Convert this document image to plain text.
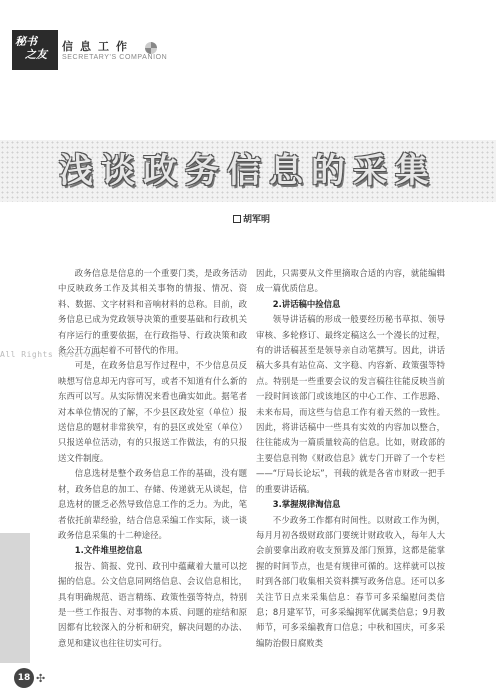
秘书
之友
信息工作
SECRETARY'S COMPANION
浅谈政务信息的采集
胡军明
All Rights Reserved.

政务信息是信息的一个重要门类，是政务活动中反映政务工作及其相关事物的情报、情况、资料、数据、文字材料和音响材料的总称。目前，政务信息已成为党政领导决策的重要基础和行政机关有序运行的重要依据，在行政指导、行政决策和政务公开方面起着不可替代的作用。

可是，在政务信息写作过程中，不少信息员反映想写信息却无内容可写，或者不知道有什么新的东西可以写。从实际情况来看也确实如此。据笔者对本单位情况的了解，不少县区政处室（单位）报送信息的题材非常狭窄，有的县区或处室（单位）只报送单位活动，有的只报送工作做法，有的只报送文件制度。

信息选材是整个政务信息工作的基础，没有题材，政务信息的加工、存储、传递就无从谈起，信息选材的匮乏必然导致信息工作的乏力。为此，笔者依托前辈经验，结合信息采编工作实际，谈一谈政务信息采集的十二种途径。

1.文件堆里挖信息

报告、简报、党刊、政刊中蕴藏着大量可以挖掘的信息。公文信息同网络信息、会议信息相比，具有明确规范、语言精练、政策性强等特点，特别是一些工作报告、对事物的本质、问题的症结和原因都有比较深入的分析和研究，解决问题的办法、意见和建议也往往切实可行。

因此，只需要从文件里摘取合适的内容，就能编辑成一篇优质信息。

2.讲话稿中捡信息

领导讲话稿的形成一般要经历秘书草拟、领导审核、多轮修订、最终定稿这么一个漫长的过程，有的讲话稿甚至是领导亲自动笔撰写。因此，讲话稿大多具有站位高、文字稳、内容新、政策强等特点。特别是一些重要会议的发言稿往往能反映当前一段时间该部门或该地区的中心工作、工作思路、未来布局，而这些与信息工作有着天然的一致性。因此，将讲话稿中一些具有实效的内容加以整合，往往能成为一篇质量较高的信息。比如，财政部的主要信息刊物《财政信息》就专门开辟了一个专栏——“厅局长论坛”，刊载的就是各省市财政一把手的重要讲话稿。

3.掌握规律淘信息

不少政务工作都有时间性。以财政工作为例，每月月初各级财政部门要统计财政收入，每年人大会前要拿出政府收支预算及部门预算，这都是能掌握的时间节点，也是有规律可循的。这样就可以按时到各部门收集相关资料撰写政务信息。还可以多关注节日点来采集信息：春节可多采编慰问类信息；8月建军节，可多采编拥军优属类信息；9月教师节，可多采编教育口信息；中秋和国庆，可多采编防治假日腐败类

18 ✣
